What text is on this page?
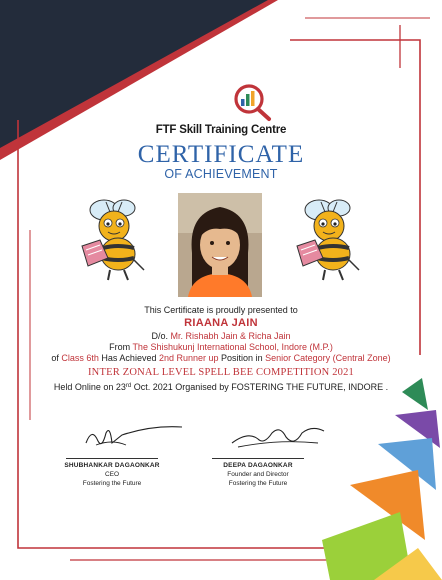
FTF Skill Training Centre
CERTIFICATE
OF ACHIEVEMENT
This Certificate is proudly presented to
RIAANA JAIN
D/o. Mr. Rishabh Jain & Richa Jain
From The Shishukunj International School, Indore (M.P.)
of Class 6th Has Achieved 2nd Runner up Position in Senior Category (Central Zone)
INTER ZONAL LEVEL SPELL BEE COMPETITION 2021
Held Online on 23rd Oct. 2021 Organised by FOSTERING THE FUTURE, INDORE .
SHUBHANKAR DAGAONKAR
CEO
Fostering the Future
DEEPA DAGAONKAR
Founder and Director
Fostering the Future
